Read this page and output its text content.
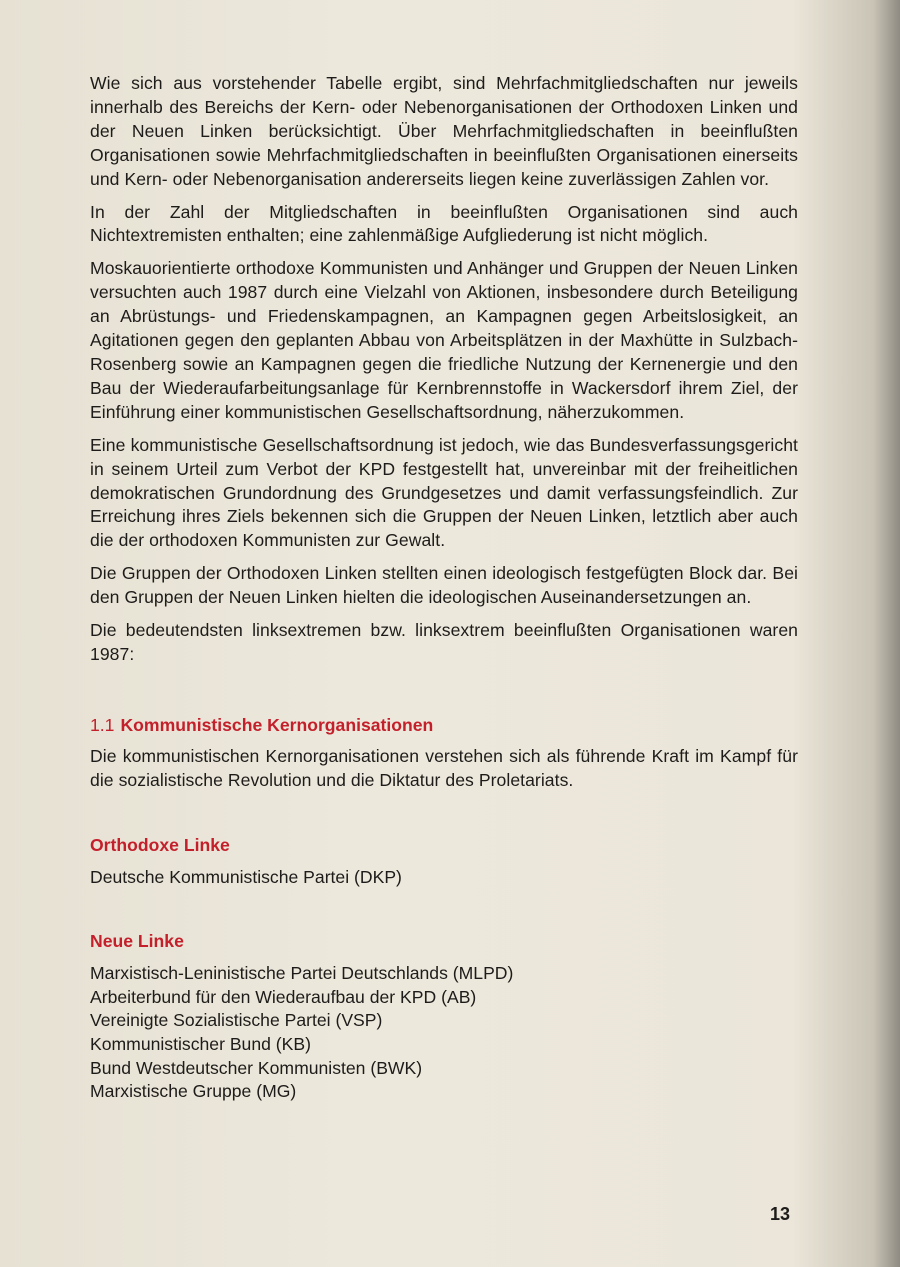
Wie sich aus vorstehender Tabelle ergibt, sind Mehrfachmitgliedschaften nur jeweils innerhalb des Bereichs der Kern- oder Nebenorganisationen der Orthodoxen Linken und der Neuen Linken berücksichtigt. Über Mehrfachmitgliedschaften in beeinflußten Organisationen sowie Mehrfachmitgliedschaften in beeinflußten Organisationen einerseits und Kern- oder Nebenorganisation andererseits liegen keine zuverlässigen Zahlen vor.

In der Zahl der Mitgliedschaften in beeinflußten Organisationen sind auch Nichtextremisten enthalten; eine zahlenmäßige Aufgliederung ist nicht möglich.

Moskauorientierte orthodoxe Kommunisten und Anhänger und Gruppen der Neuen Linken versuchten auch 1987 durch eine Vielzahl von Aktionen, insbesondere durch Beteiligung an Abrüstungs- und Friedenskampagnen, an Kampagnen gegen Arbeitslosigkeit, an Agitationen gegen den geplanten Abbau von Arbeitsplätzen in der Maxhütte in Sulzbach-Rosenberg sowie an Kampagnen gegen die friedliche Nutzung der Kernenergie und den Bau der Wiederaufarbeitungsanlage für Kernbrennstoffe in Wackersdorf ihrem Ziel, der Einführung einer kommunistischen Gesellschaftsordnung, näherzukommen.

Eine kommunistische Gesellschaftsordnung ist jedoch, wie das Bundesverfassungsgericht in seinem Urteil zum Verbot der KPD festgestellt hat, unvereinbar mit der freiheitlichen demokratischen Grundordnung des Grundgesetzes und damit verfassungsfeindlich. Zur Erreichung ihres Ziels bekennen sich die Gruppen der Neuen Linken, letztlich aber auch die der orthodoxen Kommunisten zur Gewalt.

Die Gruppen der Orthodoxen Linken stellten einen ideologisch festgefügten Block dar. Bei den Gruppen der Neuen Linken hielten die ideologischen Auseinandersetzungen an.

Die bedeutendsten linksextremen bzw. linksextrem beeinflußten Organisationen waren 1987:

1.1 Kommunistische Kernorganisationen

Die kommunistischen Kernorganisationen verstehen sich als führende Kraft im Kampf für die sozialistische Revolution und die Diktatur des Proletariats.

Orthodoxe Linke
Deutsche Kommunistische Partei (DKP)
Neue Linke
Marxistisch-Leninistische Partei Deutschlands (MLPD)
Arbeiterbund für den Wiederaufbau der KPD (AB)
Vereinigte Sozialistische Partei (VSP)
Kommunistischer Bund (KB)
Bund Westdeutscher Kommunisten (BWK)
Marxistische Gruppe (MG)
13
